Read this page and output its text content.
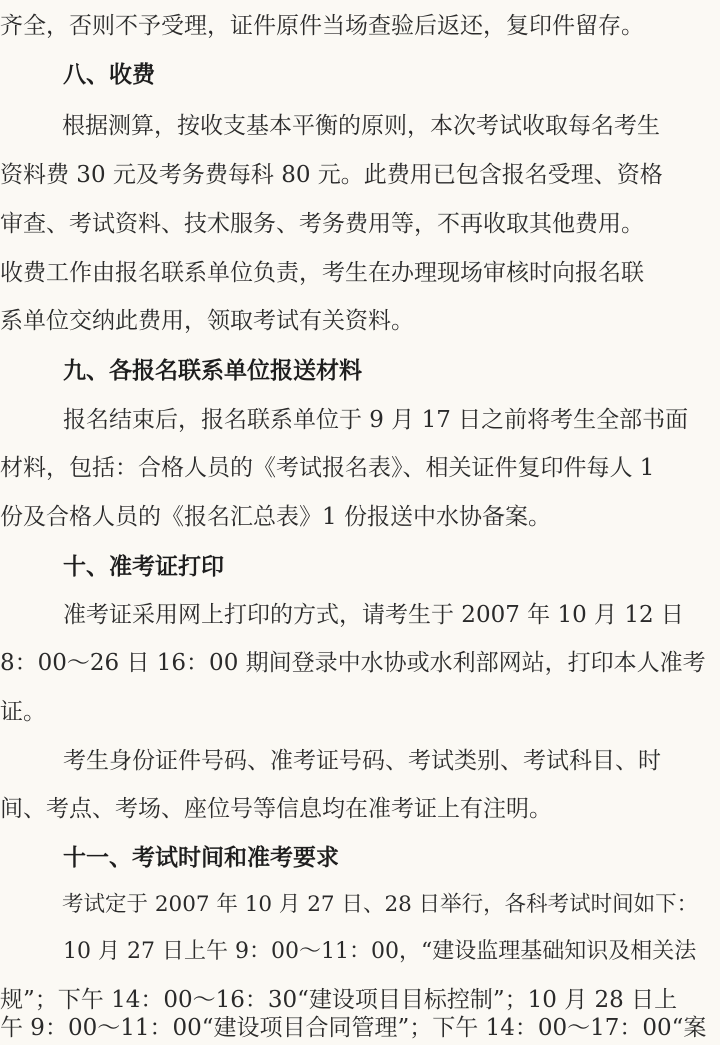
齐全，否则不予受理，证件原件当场查验后返还，复印件留存。
八、收费
根据测算，按收支基本平衡的原则，本次考试收取每名考生
资料费 30 元及考务费每科 80 元。此费用已包含报名受理、资格
审查、考试资料、技术服务、考务费用等，不再收取其他费用。
收费工作由报名联系单位负责，考生在办理现场审核时向报名联
系单位交纳此费用，领取考试有关资料。
九、各报名联系单位报送材料
报名结束后，报名联系单位于 9 月 17 日之前将考生全部书面
材料，包括：合格人员的《考试报名表》、相关证件复印件每人 1
份及合格人员的《报名汇总表》1 份报送中水协备案。
十、准考证打印
准考证采用网上打印的方式，请考生于 2007 年 10 月 12 日
8：00～26 日 16：00 期间登录中水协或水利部网站，打印本人准考
证。
考生身份证件号码、准考证号码、考试类别、考试科目、时
间、考点、考场、座位号等信息均在准考证上有注明。
十一、考试时间和准考要求
考试定于 2007 年 10 月 27 日、28 日举行，各科考试时间如下：
10 月 27 日上午 9：00～11：00，“建设监理基础知识及相关法
规”；下午 14：00～16：30“建设项目目标控制”；10 月 28 日上
午 9：00～11：00“建设项目合同管理”；下午 14：00～17：00“案
